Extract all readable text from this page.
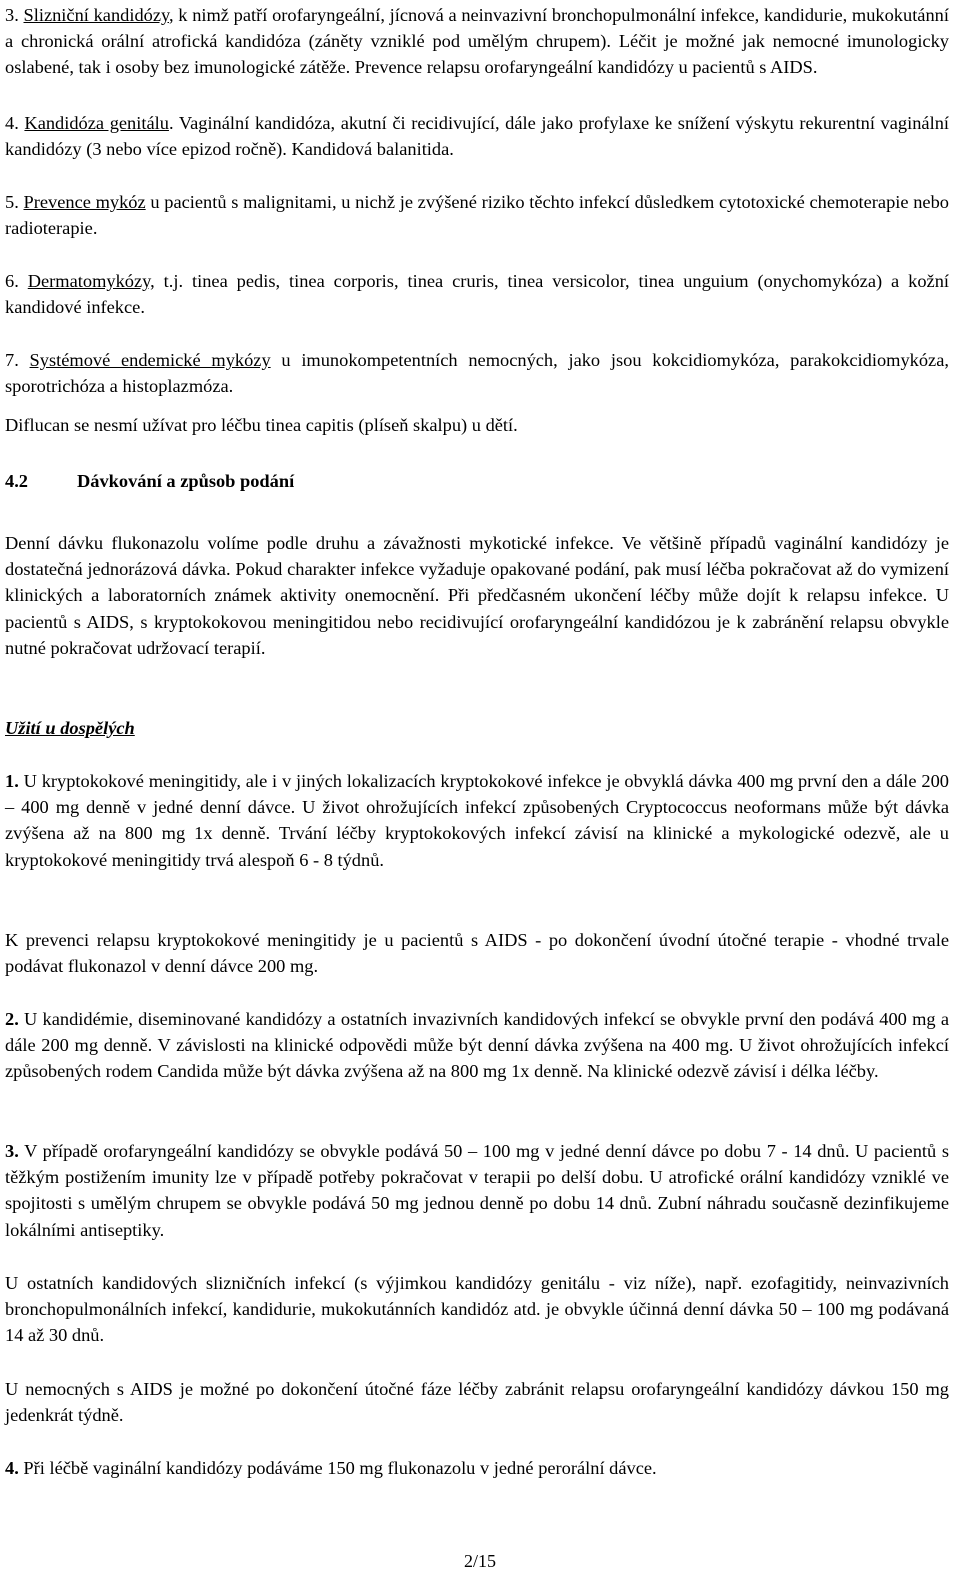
3. Slizniční kandidózy, k nimž patří orofaryngeální, jícnová a neinvazivní bronchopulmonální infekce, kandidurie, mukokutánní a chronická orální atrofická kandidóza (záněty vzniklé pod umělým chrupem). Léčit je možné jak nemocné imunologicky oslabené, tak i osoby bez imunologické zátěže. Prevence relapsu orofaryngeální kandidózy u pacientů s AIDS.

4. Kandidóza genitálu. Vaginální kandidóza, akutní či recidivující, dále jako profylaxe ke snížení výskytu rekurentní vaginální kandidózy (3 nebo více epizod ročně). Kandidová balanitida.

5. Prevence mykóz u pacientů s malignitami, u nichž je zvýšené riziko těchto infekcí důsledkem cytotoxické chemoterapie nebo radioterapie.

6. Dermatomykózy, t.j. tinea pedis, tinea corporis, tinea cruris, tinea versicolor, tinea unguium (onychomykóza) a kožní kandidové infekce.

7. Systémové endemické mykózy u imunokompetentních nemocných, jako jsou kokcidiomykóza, parakokcidiomykóza, sporotrichóza a histoplazmóza.

Diflucan se nesmí užívat pro léčbu tinea capitis (plíseň skalpu) u dětí.

4.2	Dávkování a způsob podání

Denní dávku flukonazolu volíme podle druhu a závažnosti mykotické infekce. Ve většině případů vaginální kandidózy je dostatečná jednorázová dávka. Pokud charakter infekce vyžaduje opakované podání, pak musí léčba pokračovat až do vymizení klinických a laboratorních známek aktivity onemocnění. Při předčasném ukončení léčby může dojít k relapsu infekce. U pacientů s AIDS, s kryptokokovou meningitidou nebo recidivující orofaryngeální kandidózou je k zabránění relapsu obvykle nutné pokračovat udržovací terapií.

Užití u dospělých

1. U kryptokokové meningitidy, ale i v jiných lokalizacích kryptokokové infekce je obvyklá dávka 400 mg první den a dále 200 – 400 mg denně v jedné denní dávce. U život ohrožujících infekcí způsobených Cryptococcus neoformans může být dávka zvýšena až na 800 mg 1x denně. Trvání léčby kryptokokových infekcí závisí na klinické a mykologické odezvě, ale u kryptokokové meningitidy trvá alespoň 6 - 8 týdnů.

K prevenci relapsu kryptokokové meningitidy je u pacientů s AIDS - po dokončení úvodní útočné terapie - vhodné trvale podávat flukonazol v denní dávce 200 mg.

2. U kandidémie, diseminované kandidózy a ostatních invazivních kandidových infekcí se obvykle první den podává 400 mg a dále 200 mg denně. V závislosti na klinické odpovědi může být denní dávka zvýšena na 400 mg. U život ohrožujících infekcí způsobených rodem Candida může být dávka zvýšena až na 800 mg 1x denně. Na klinické odezvě závisí i délka léčby.

3. V případě orofaryngeální kandidózy se obvykle podává 50 – 100 mg v jedné denní dávce po dobu 7 - 14 dnů. U pacientů s těžkým postižením imunity lze v případě potřeby pokračovat v terapii po delší dobu. U atrofické orální kandidózy vzniklé ve spojitosti s umělým chrupem se obvykle podává 50 mg jednou denně po dobu 14 dnů. Zubní náhradu současně dezinfikujeme lokálními antiseptiky.

U ostatních kandidových slizničních infekcí (s výjimkou kandidózy genitálu - viz níže), např. ezofagitidy, neinvazivních bronchopulmonálních infekcí, kandidurie, mukokutánních kandidóz atd. je obvykle účinná denní dávka 50 – 100 mg podávaná 14 až 30 dnů.

U nemocných s AIDS je možné po dokončení útočné fáze léčby zabránit relapsu orofaryngeální kandidózy dávkou 150 mg jedenkrát týdně.

4. Při léčbě vaginální kandidózy podáváme 150 mg flukonazolu v jedné perorální dávce.

2/15
